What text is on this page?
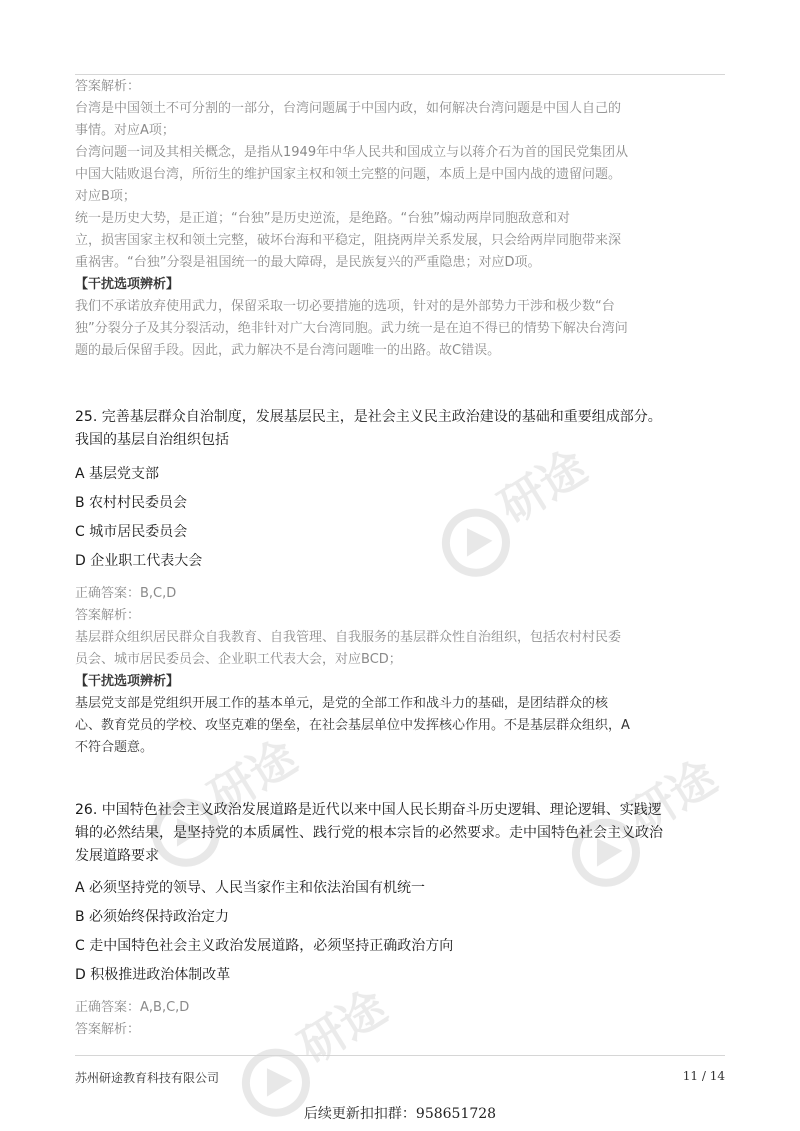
研途
研途	研途
研途

答案解析：

台湾是中国领土不可分割的一部分，台湾问题属于中国内政，如何解决台湾问题是中国人自己的

事情。对应A项；

台湾问题一词及其相关概念，是指从1949年中华人民共和国成立与以蒋介石为首的国民党集团从

中国大陆败退台湾，所衍生的维护国家主权和领土完整的问题，本质上是中国内战的遗留问题。

对应B项；

统一是历史大势，是正道；“台独”是历史逆流，是绝路。“台独”煽动两岸同胞敌意和对

立，损害国家主权和领土完整，破坏台海和平稳定，阻挠两岸关系发展，只会给两岸同胞带来深

重祸害。“台独”分裂是祖国统一的最大障碍，是民族复兴的严重隐患；对应D项。

【干扰选项辨析】

我们不承诺放弃使用武力，保留采取一切必要措施的选项，针对的是外部势力干涉和极少数“台

独”分裂分子及其分裂活动，绝非针对广大台湾同胞。武力统一是在迫不得已的情势下解决台湾问

题的最后保留手段。因此，武力解决不是台湾问题唯一的出路。故C错误。

25. 完善基层群众自治制度，发展基层民主，是社会主义民主政治建设的基础和重要组成部分。

我国的基层自治组织包括

A 基层党支部

B 农村村民委员会

C 城市居民委员会

D 企业职工代表大会

正确答案：B,C,D

答案解析：

基层群众组织居民群众自我教育、自我管理、自我服务的基层群众性自治组织，包括农村村民委

员会、城市居民委员会、企业职工代表大会，对应BCD；

【干扰选项辨析】

基层党支部是党组织开展工作的基本单元，是党的全部工作和战斗力的基础，是团结群众的核

心、教育党员的学校、攻坚克难的堡垒，在社会基层单位中发挥核心作用。不是基层群众组织，A

不符合题意。

26. 中国特色社会主义政治发展道路是近代以来中国人民长期奋斗历史逻辑、理论逻辑、实践逻

辑的必然结果，是坚持党的本质属性、践行党的根本宗旨的必然要求。走中国特色社会主义政治

发展道路要求

A 必须坚持党的领导、人民当家作主和依法治国有机统一

B 必须始终保持政治定力

C 走中国特色社会主义政治发展道路，必须坚持正确政治方向

D 积极推进政治体制改革

正确答案：A,B,C,D

答案解析：

苏州研途教育科技有限公司	11 / 14
后续更新扣扣群：958651728
